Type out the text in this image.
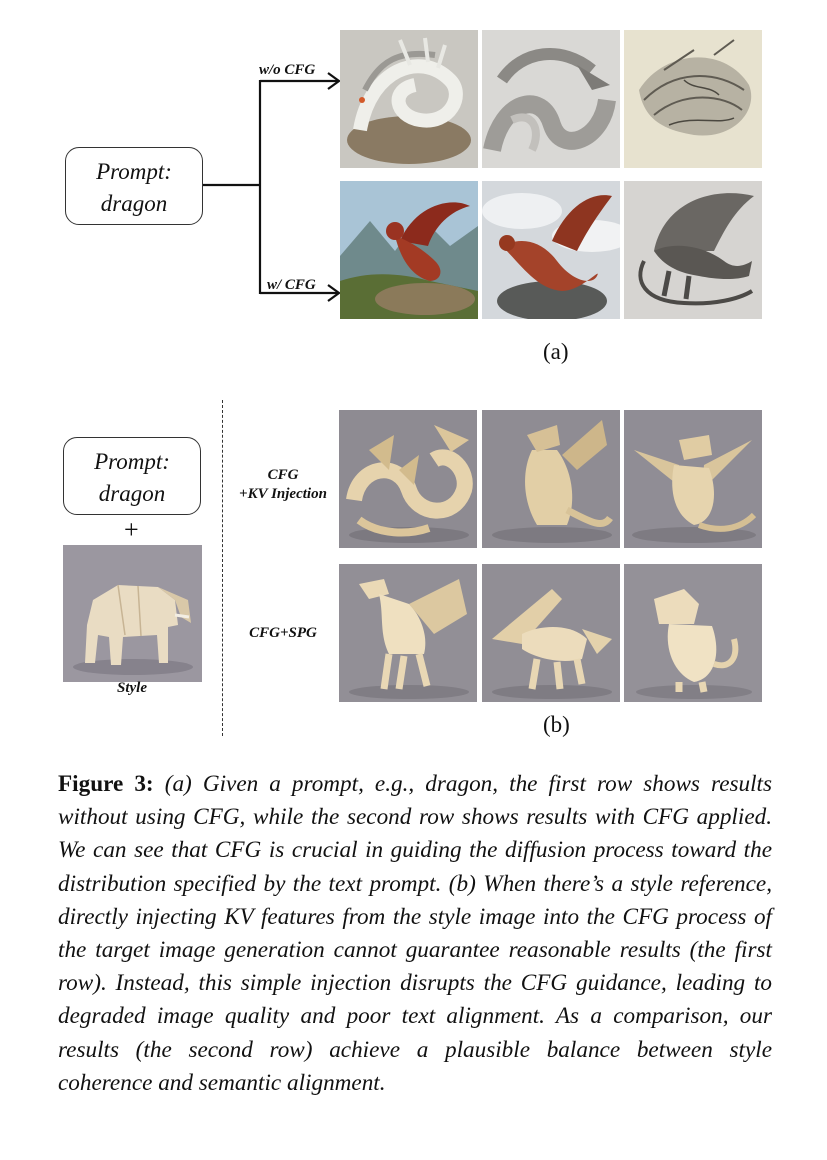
Prompt:
dragon
w/o CFG
w/ CFG
(a)
Prompt:
dragon
+
Style
CFG
+KV Injection
CFG+SPG
(b)
Figure 3: (a) Given a prompt, e.g., dragon, the first row shows results without using CFG, while the second row shows results with CFG applied. We can see that CFG is crucial in guiding the diffusion process toward the distribution specified by the text prompt. (b) When there’s a style reference, directly injecting KV features from the style image into the CFG process of the target image generation cannot guarantee reasonable results (the first row). Instead, this simple injection disrupts the CFG guidance, leading to degraded image quality and poor text alignment. As a comparison, our results (the second row) achieve a plausible balance between style coherence and semantic alignment.
